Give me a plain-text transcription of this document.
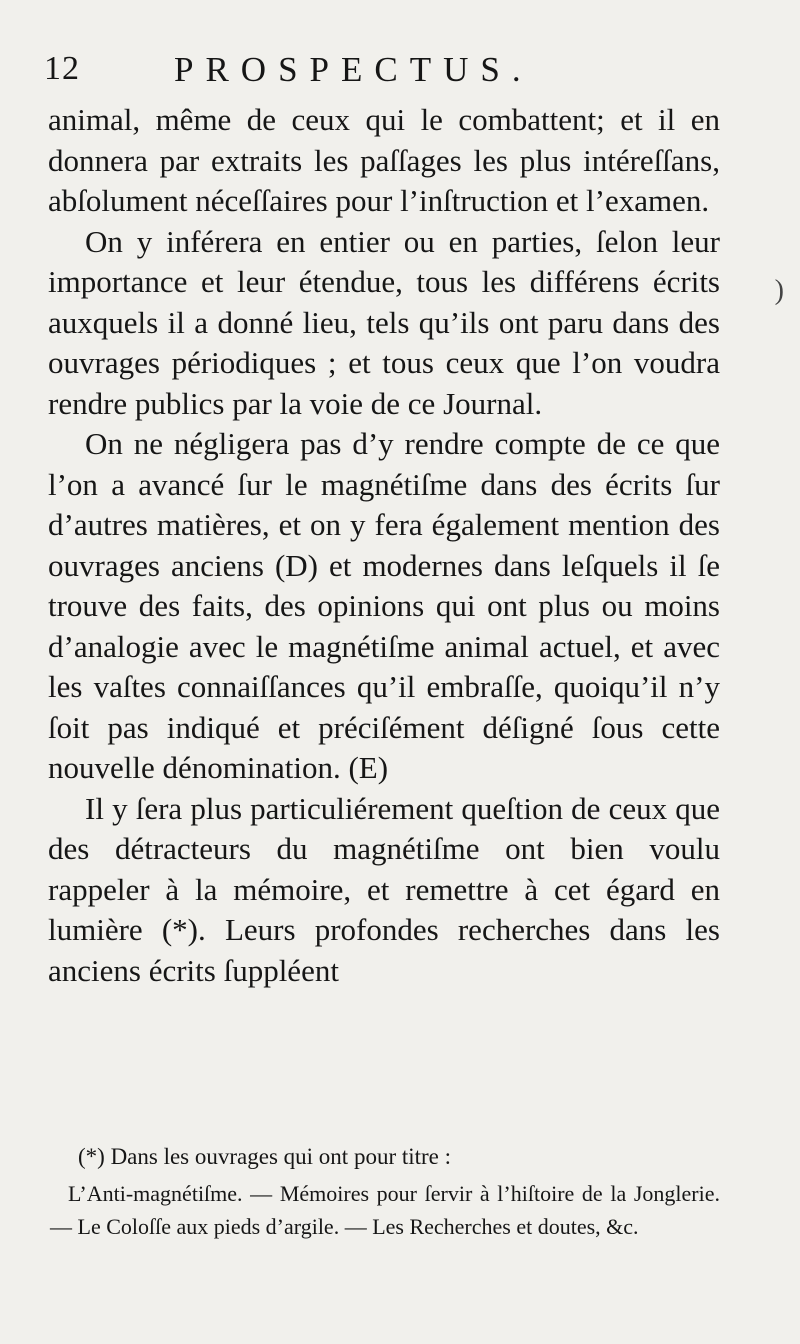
12	PROSPECTUS.

animal, même de ceux qui le combattent; et il en donnera par extraits les paſſages les plus intéreſſans, abſolument néceſſaires pour l’inſtruction et l’examen.

On y inférera en entier ou en parties, ſelon leur importance et leur étendue, tous les différens écrits auxquels il a donné lieu, tels qu’ils ont paru dans des ouvrages périodiques ; et tous ceux que l’on voudra rendre publics par la voie de ce Journal.

On ne négligera pas d’y rendre compte de ce que l’on a avancé ſur le magnétiſme dans des écrits ſur d’autres matières, et on y fera également mention des ouvrages anciens (D) et modernes dans leſquels il ſe trouve des faits, des opinions qui ont plus ou moins d’analogie avec le magnétiſme animal actuel, et avec les vaſtes connaiſſances qu’il embraſſe, quoiqu’il n’y ſoit pas indiqué et préciſément déſigné ſous cette nouvelle dénomination. (E)

Il y ſera plus particuliérement queſtion de ceux que des détracteurs du magnétiſme ont bien voulu rappeler à la mémoire, et remettre à cet égard en lumière (*). Leurs profondes recherches dans les anciens écrits ſuppléent

(*) Dans les ouvrages qui ont pour titre :

L’Anti-magnétiſme. — Mémoires pour ſervir à l’hiſtoire de la Jonglerie. — Le Coloſſe aux pieds d’argile. — Les Recherches et doutes, &c.

)
